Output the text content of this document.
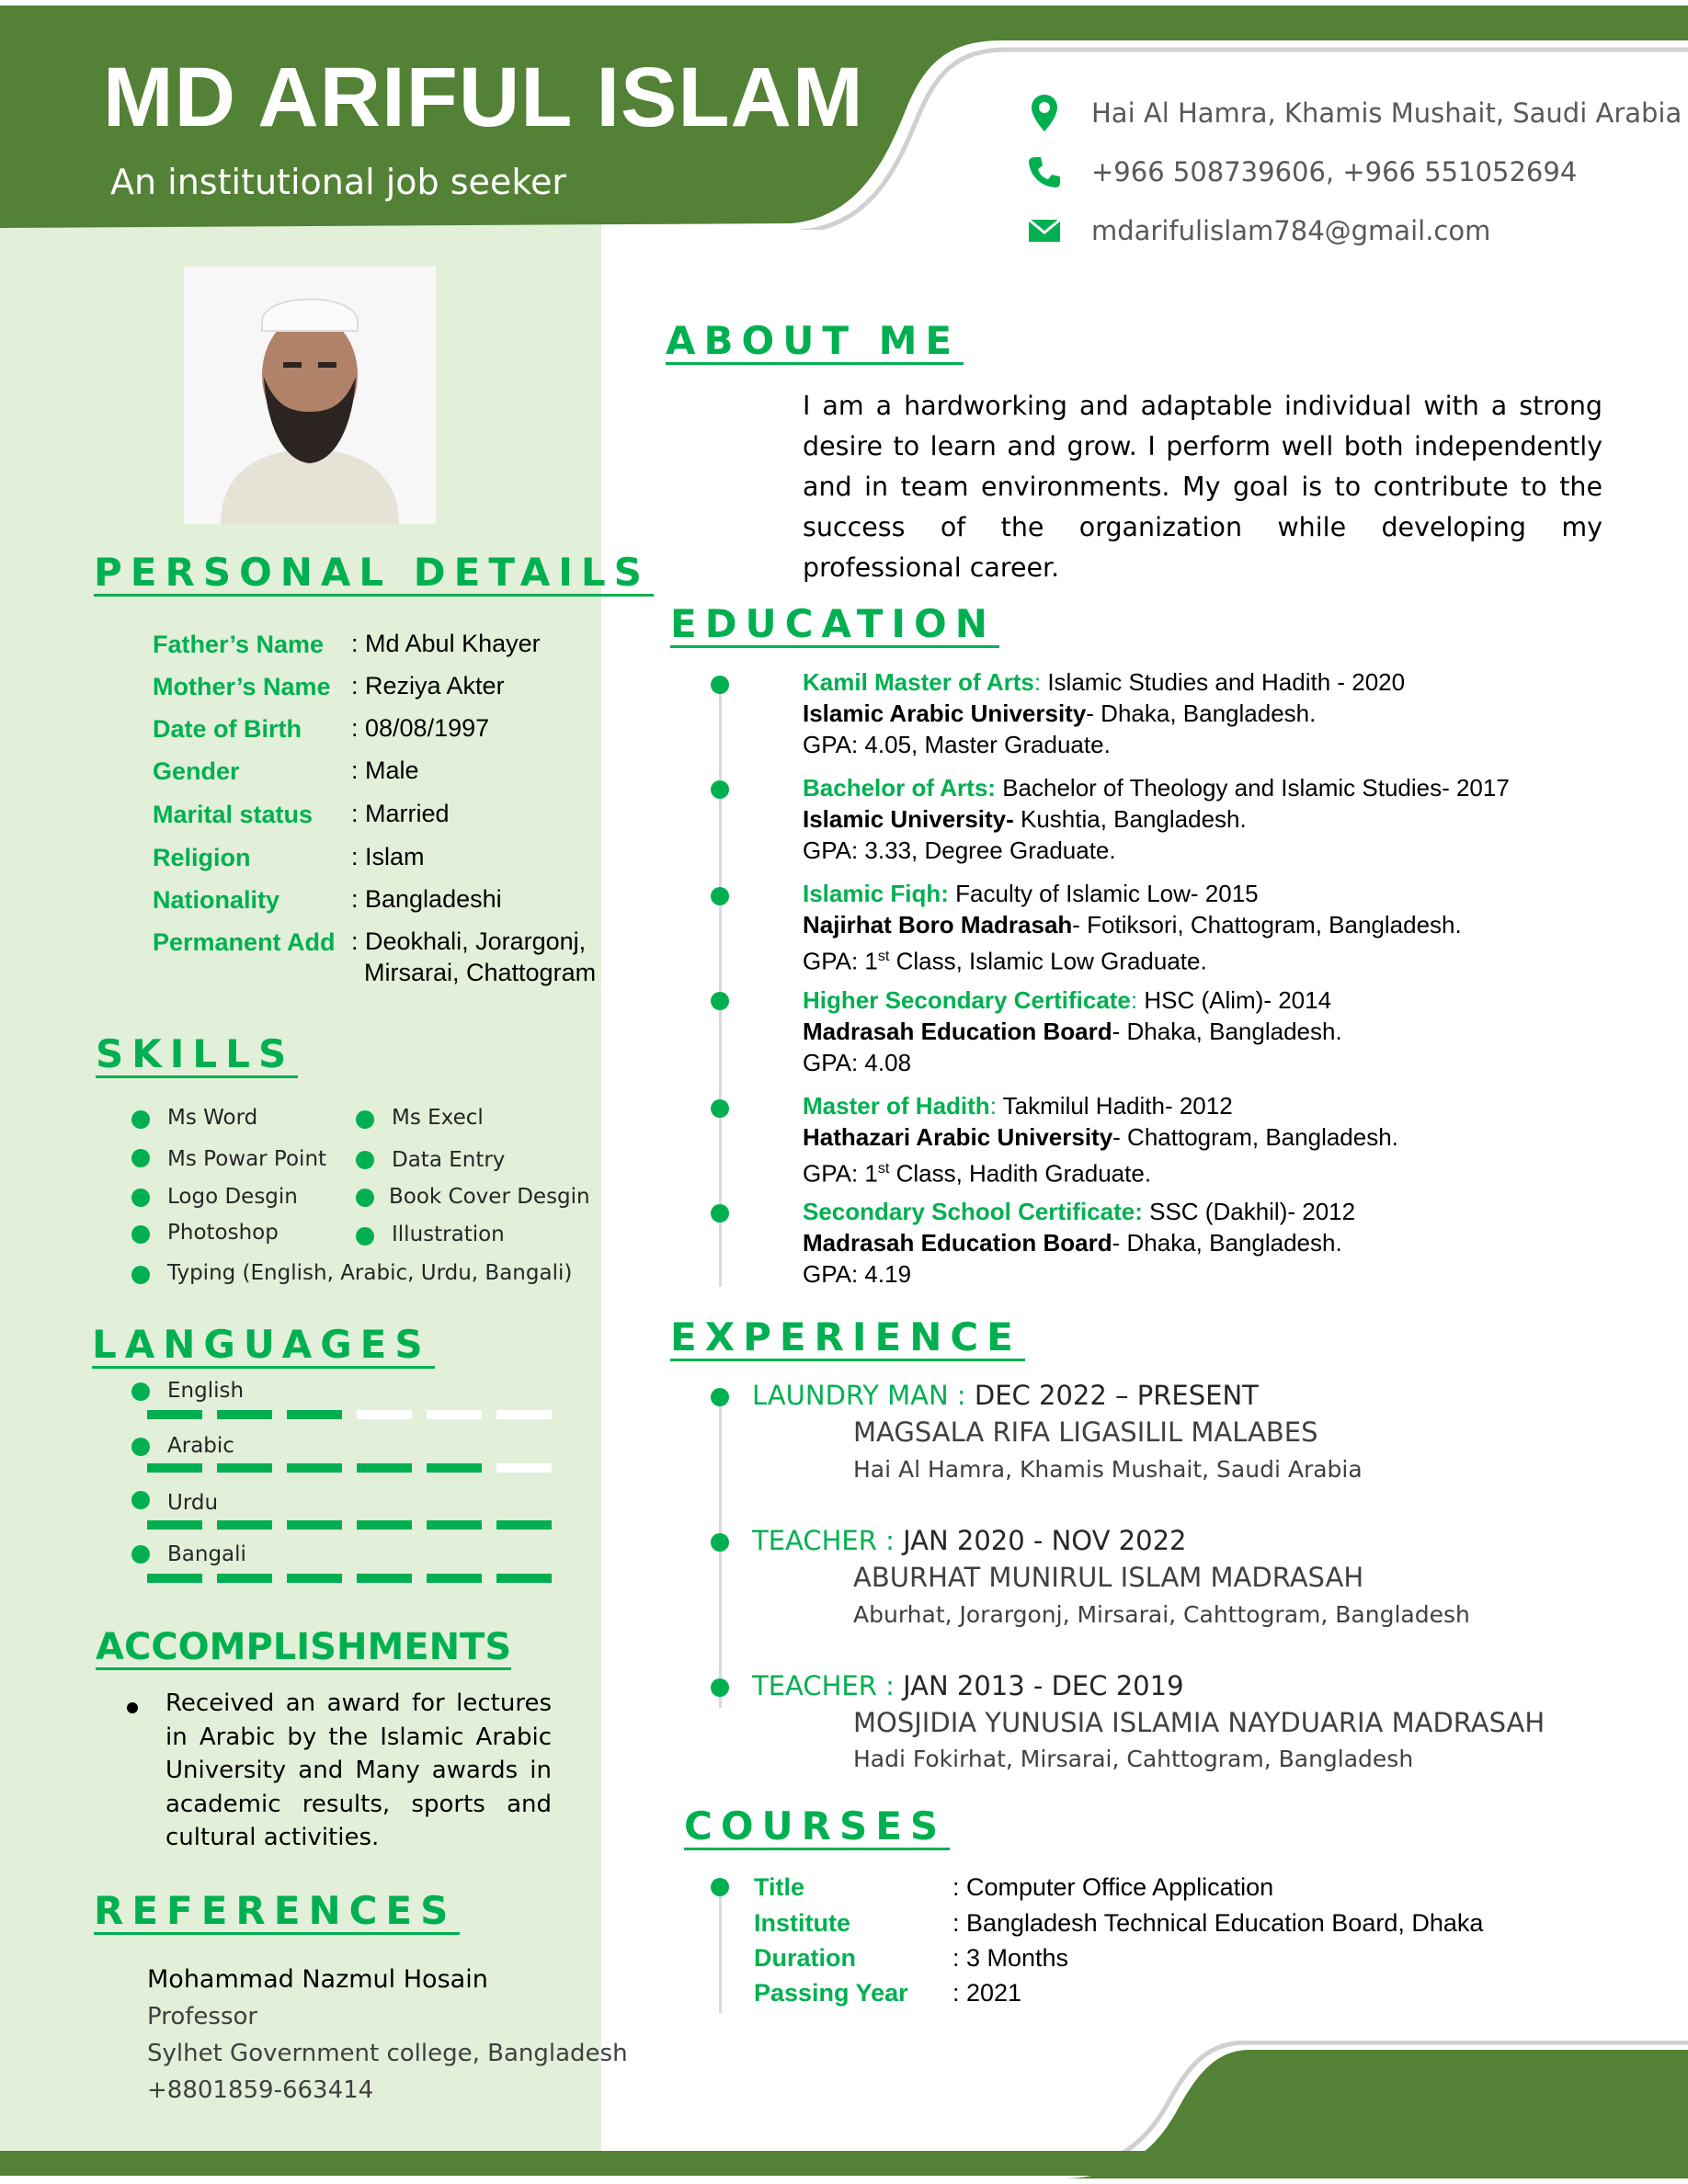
MD ARIFUL ISLAM
An institutional job seeker
Hai Al Hamra, Khamis Mushait, Saudi Arabia
+966 508739606, +966 551052694
mdarifulislam784@gmail.com
PERSONAL DETAILS
Father’s Name : Md Abul Khayer
Mother’s Name : Reziya Akter
Date of Birth : 08/08/1997
Gender	: Male
Marital status : Married
Religion	: Islam
Nationality	: Bangladeshi
Permanent Add : Deokhali, Jorargonj,
Mirsarai, Chattogram
SKILLS
Ms Word	Ms Execl
Ms Powar Point	Data Entry
Logo Desgin	Book Cover Desgin
Photoshop	Illustration
Typing (English, Arabic, Urdu, Bangali)
LANGUAGES
English
Arabic
Urdu
Bangali
ACCOMPLISHMENTS
Received an award for lectures in Arabic by the Islamic Arabic University and Many awards in academic results, sports and cultural activities.
REFERENCES
Mohammad Nazmul Hosain
Professor
Sylhet Government college, Bangladesh
+8801859-663414
ABOUT ME
I am a hardworking and adaptable individual with a strong desire to learn and grow. I perform well both independently and in team environments. My goal is to contribute to the success of the organization while developing my professional career.
EDUCATION
Kamil Master of Arts: Islamic Studies and Hadith - 2020
Islamic Arabic University- Dhaka, Bangladesh.
GPA: 4.05, Master Graduate.
Bachelor of Arts: Bachelor of Theology and Islamic Studies- 2017
Islamic University- Kushtia, Bangladesh.
GPA: 3.33, Degree Graduate.
Islamic Fiqh: Faculty of Islamic Low- 2015
Najirhat Boro Madrasah- Fotiksori, Chattogram, Bangladesh.
GPA: 1st Class, Islamic Low Graduate.
Higher Secondary Certificate: HSC (Alim)- 2014
Madrasah Education Board- Dhaka, Bangladesh.
GPA: 4.08
Master of Hadith: Takmilul Hadith- 2012
Hathazari Arabic University- Chattogram, Bangladesh.
GPA: 1st Class, Hadith Graduate.
Secondary School Certificate: SSC (Dakhil)- 2012
Madrasah Education Board- Dhaka, Bangladesh.
GPA: 4.19
EXPERIENCE
LAUNDRY MAN : DEC 2022 – PRESENT
MAGSALA RIFA LIGASILIL MALABES
Hai Al Hamra, Khamis Mushait, Saudi Arabia
TEACHER : JAN 2020 - NOV 2022
ABURHAT MUNIRUL ISLAM MADRASAH
Aburhat, Jorargonj, Mirsarai, Cahttogram, Bangladesh
TEACHER : JAN 2013 - DEC 2019
MOSJIDIA YUNUSIA ISLAMIA NAYDUARIA MADRASAH
Hadi Fokirhat, Mirsarai, Cahttogram, Bangladesh
COURSES
Title	: Computer Office Application
Institute	: Bangladesh Technical Education Board, Dhaka
Duration	: 3 Months
Passing Year : 2021
